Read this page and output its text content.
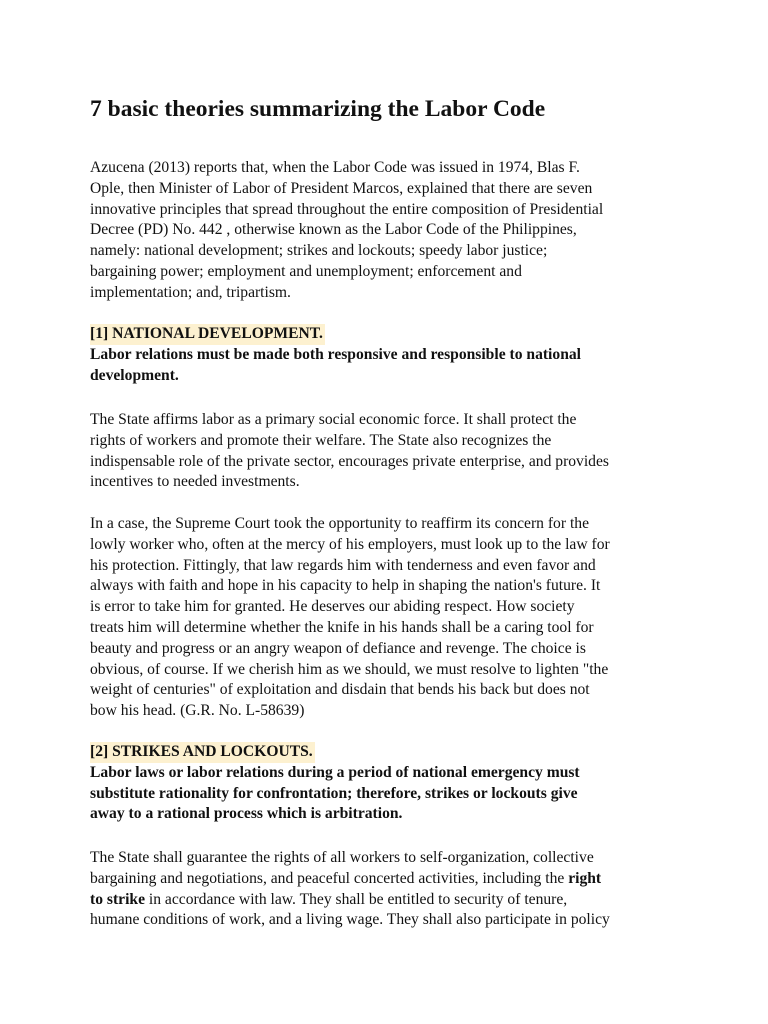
7 basic theories summarizing the Labor Code
Azucena (2013) reports that, when the Labor Code was issued in 1974, Blas F.
Ople, then Minister of Labor of President Marcos, explained that there are seven
innovative principles that spread throughout the entire composition of Presidential
Decree (PD) No. 442 , otherwise known as the Labor Code of the Philippines,
namely: national development; strikes and lockouts; speedy labor justice;
bargaining power; employment and unemployment; enforcement and
implementation; and, tripartism.
[1] NATIONAL DEVELOPMENT.
Labor relations must be made both responsive and responsible to national
development.
The State affirms labor as a primary social economic force. It shall protect the
rights of workers and promote their welfare. The State also recognizes the
indispensable role of the private sector, encourages private enterprise, and provides
incentives to needed investments.
In a case, the Supreme Court took the opportunity to reaffirm its concern for the
lowly worker who, often at the mercy of his employers, must look up to the law for
his protection. Fittingly, that law regards him with tenderness and even favor and
always with faith and hope in his capacity to help in shaping the nation's future. It
is error to take him for granted. He deserves our abiding respect. How society
treats him will determine whether the knife in his hands shall be a caring tool for
beauty and progress or an angry weapon of defiance and revenge. The choice is
obvious, of course. If we cherish him as we should, we must resolve to lighten "the
weight of centuries" of exploitation and disdain that bends his back but does not
bow his head. (G.R. No. L-58639)
[2] STRIKES AND LOCKOUTS.
Labor laws or labor relations during a period of national emergency must
substitute rationality for confrontation; therefore, strikes or lockouts give
away to a rational process which is arbitration.
The State shall guarantee the rights of all workers to self-organization, collective
bargaining and negotiations, and peaceful concerted activities, including the right
to strike in accordance with law. They shall be entitled to security of tenure,
humane conditions of work, and a living wage. They shall also participate in policy
